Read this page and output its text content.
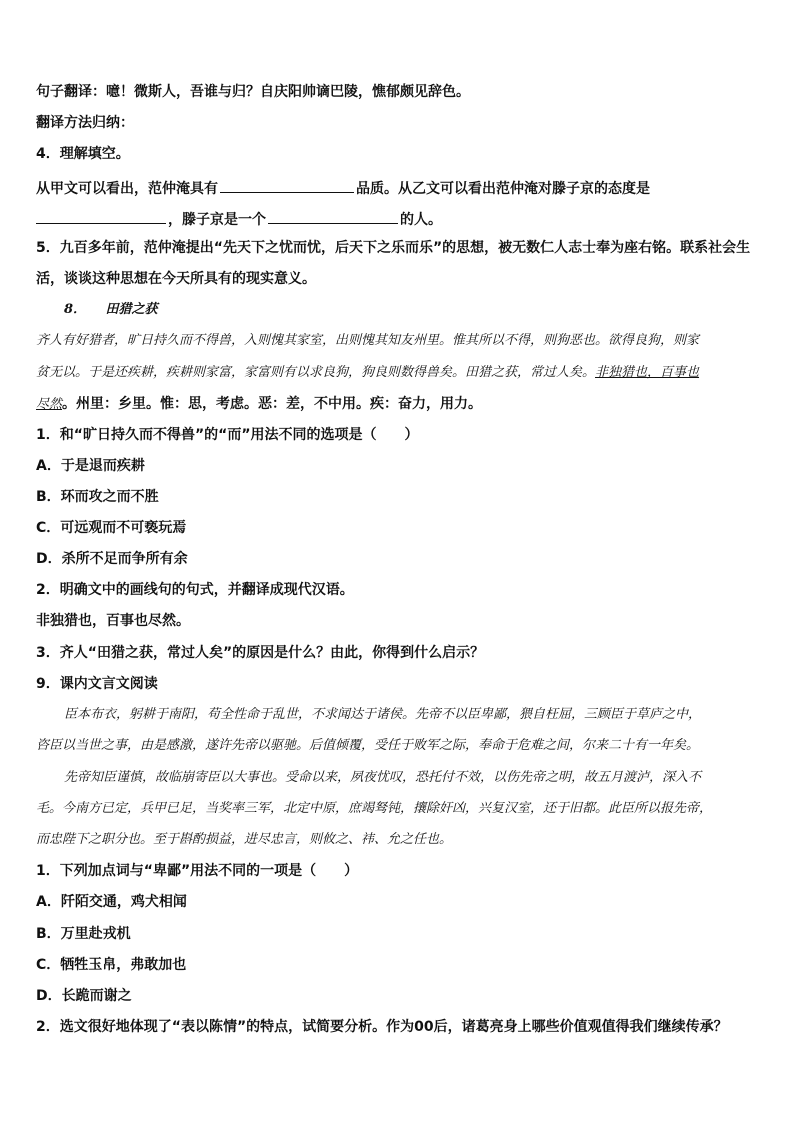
句子翻译：噫！微斯人，吾谁与归？自庆阳帅谪巴陵，憔郁颇见辞色。
翻译方法归纳：
4．理解填空。
从甲文可以看出，范仲淹具有	品质。从乙文可以看出范仲淹对滕子京的态度是
，滕子京是一个	的人。
5．九百多年前，范仲淹提出“先天下之忧而忧，后天下之乐而乐”的思想，被无数仁人志士奉为座右铭。联系社会生
活，谈谈这种思想在今天所具有的现实意义。
8．　　田猎之获
齐人有好猎者，旷日持久而不得兽，入则愧其家室，出则愧其知友州里。惟其所以不得，则狗恶也。欲得良狗，则家
贫无以。于是还疾耕，疾耕则家富，家富则有以求良狗，狗良则数得兽矣。田猎之获，常过人矣。非独猎也，百事也
尽然。州里：乡里。惟：思，考虑。恶：差，不中用。疾：奋力，用力。
1．和“旷日持久而不得兽”的“而”用法不同的选项是（　　）
A．于是退而疾耕
B．环而攻之而不胜
C．可远观而不可亵玩焉
D．杀所不足而争所有余
2．明确文中的画线句的句式，并翻译成现代汉语。
非独猎也，百事也尽然。
3．齐人“田猎之获，常过人矣”的原因是什么？由此，你得到什么启示？
9．课内文言文阅读
臣本布衣，躬耕于南阳，苟全性命于乱世，不求闻达于诸侯。先帝不以臣卑鄙，猥自枉屈，三顾臣于草庐之中，
咨臣以当世之事，由是感激，遂许先帝以驱驰。后值倾覆，受任于败军之际，奉命于危难之间，尔来二十有一年矣。
先帝知臣谨慎，故临崩寄臣以大事也。受命以来，夙夜忧叹，恐托付不效，以伤先帝之明，故五月渡泸，深入不
毛。今南方已定，兵甲已足，当奖率三军，北定中原，庶竭驽钝，攘除奸凶，兴复汉室，还于旧都。此臣所以报先帝，
而忠陛下之职分也。至于斟酌损益，进尽忠言，则攸之、祎、允之任也。
1．下列加点词与“卑鄙”用法不同的一项是（　　）
A．阡陌交通，鸡犬相闻
B．万里赴戎机
C．牺牲玉帛，弗敢加也
D．长跪而谢之
2．选文很好地体现了“表以陈情”的特点，试简要分析。作为00后，诸葛亮身上哪些价值观值得我们继续传承？
